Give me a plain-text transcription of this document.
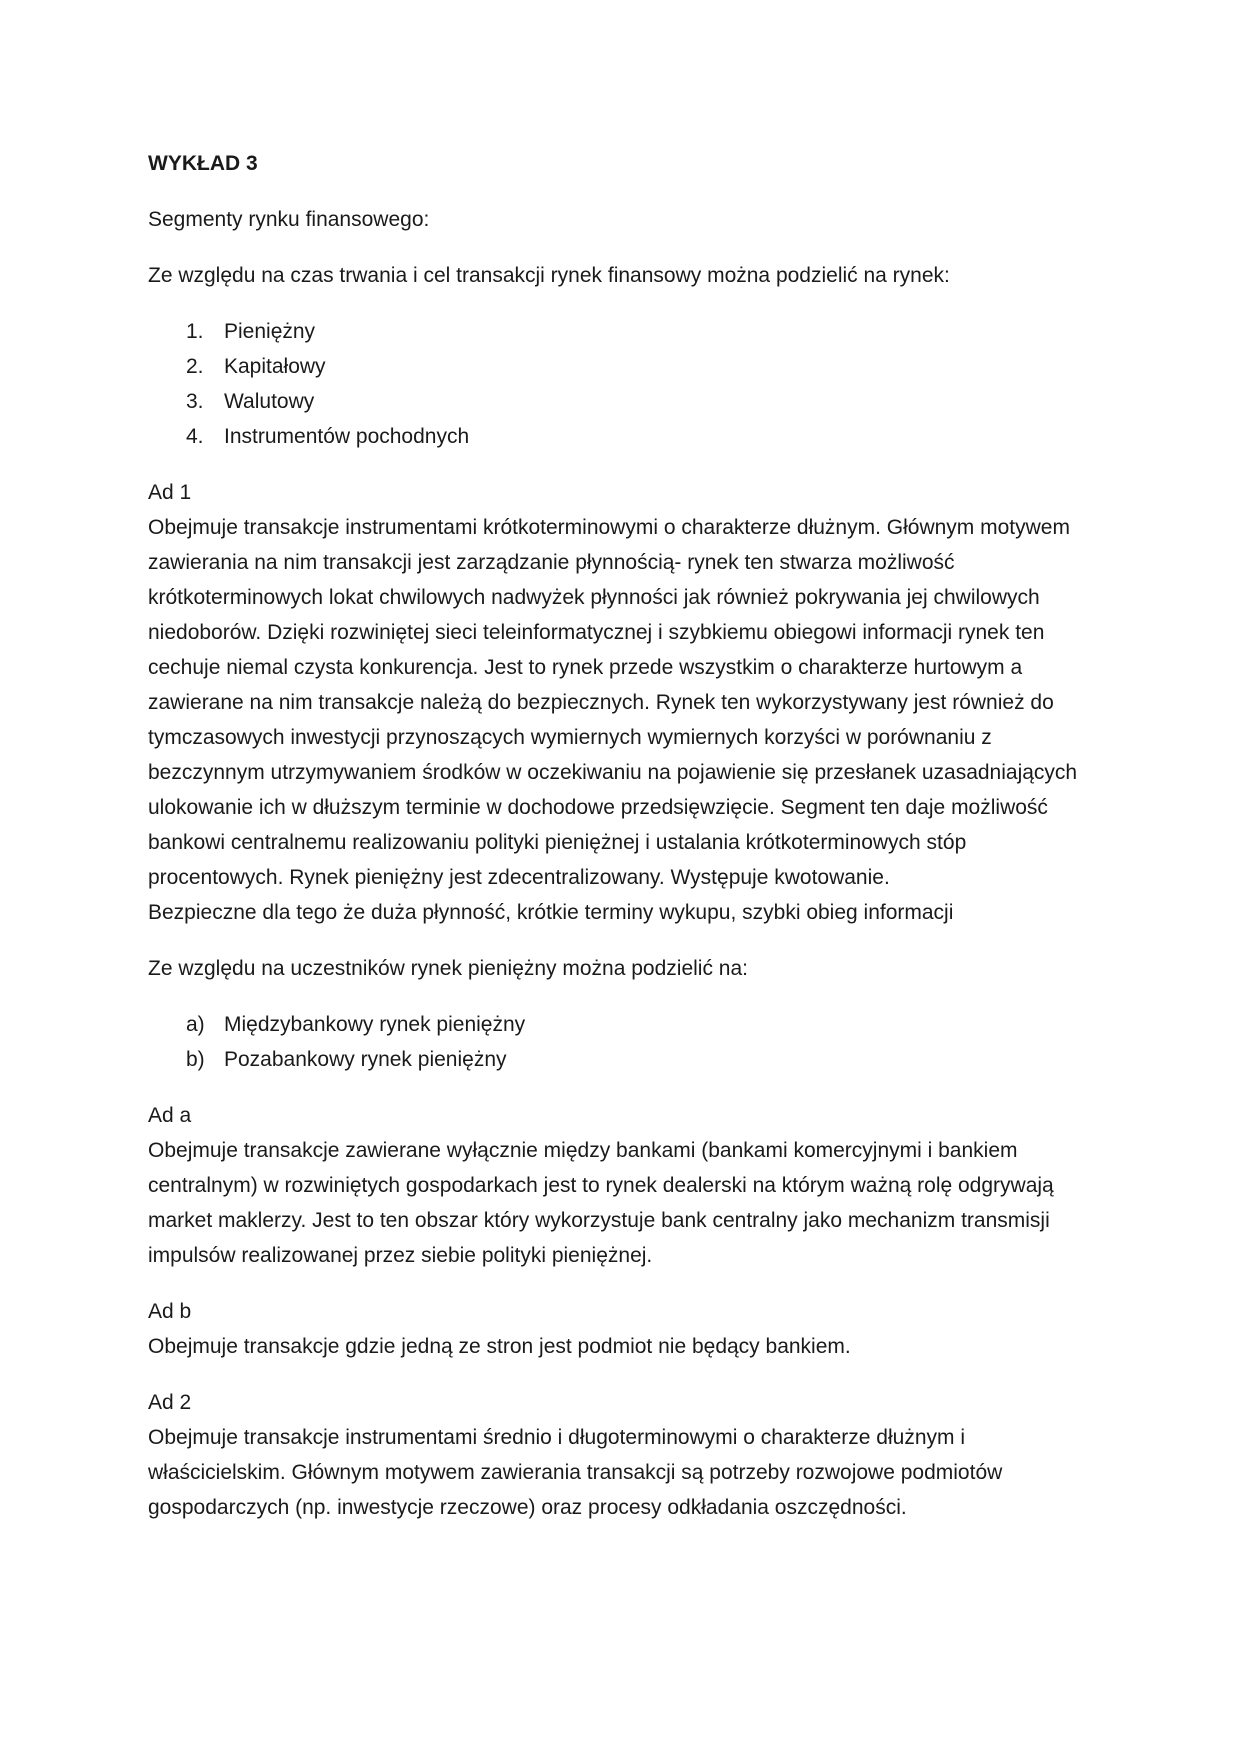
WYKŁAD 3
Segmenty rynku finansowego:
Ze względu na czas trwania i cel transakcji rynek finansowy można podzielić na rynek:
1. Pieniężny
2. Kapitałowy
3. Walutowy
4. Instrumentów pochodnych
Ad 1
Obejmuje transakcje instrumentami krótkoterminowymi o charakterze dłużnym. Głównym motywem zawierania na nim transakcji jest zarządzanie płynnością- rynek ten stwarza możliwość krótkoterminowych lokat chwilowych nadwyżek płynności jak również pokrywania jej chwilowych niedoborów. Dzięki rozwiniętej sieci teleinformatycznej i szybkiemu obiegowi informacji rynek ten cechuje niemal czysta konkurencja. Jest to rynek przede wszystkim o charakterze hurtowym a zawierane na nim transakcje należą do bezpiecznych. Rynek ten wykorzystywany jest również do tymczasowych inwestycji przynoszących wymiernych wymiernych korzyści w porównaniu z bezczynnym utrzymywaniem środków w oczekiwaniu na pojawienie się przesłanek uzasadniających ulokowanie ich w dłuższym terminie w dochodowe przedsięwzięcie. Segment ten daje możliwość bankowi centralnemu realizowaniu polityki pieniężnej i ustalania krótkoterminowych stóp procentowych. Rynek pieniężny jest zdecentralizowany. Występuje kwotowanie.
Bezpieczne dla tego że duża płynność, krótkie terminy wykupu, szybki obieg informacji
Ze względu na uczestników rynek pieniężny można podzielić na:
a) Międzybankowy rynek pieniężny
b) Pozabankowy rynek pieniężny
Ad a
Obejmuje transakcje zawierane wyłącznie między bankami (bankami komercyjnymi i bankiem centralnym) w rozwiniętych gospodarkach jest to rynek dealerski na którym ważną rolę odgrywają market maklerzy. Jest to ten obszar który wykorzystuje bank centralny jako mechanizm transmisji impulsów realizowanej przez siebie polityki pieniężnej.
Ad b
Obejmuje transakcje gdzie jedną ze stron jest podmiot nie będący bankiem.
Ad 2
Obejmuje transakcje instrumentami średnio i długoterminowymi o charakterze dłużnym i właścicielskim. Głównym motywem zawierania transakcji są potrzeby rozwojowe podmiotów gospodarczych (np. inwestycje rzeczowe) oraz procesy odkładania oszczędności.
